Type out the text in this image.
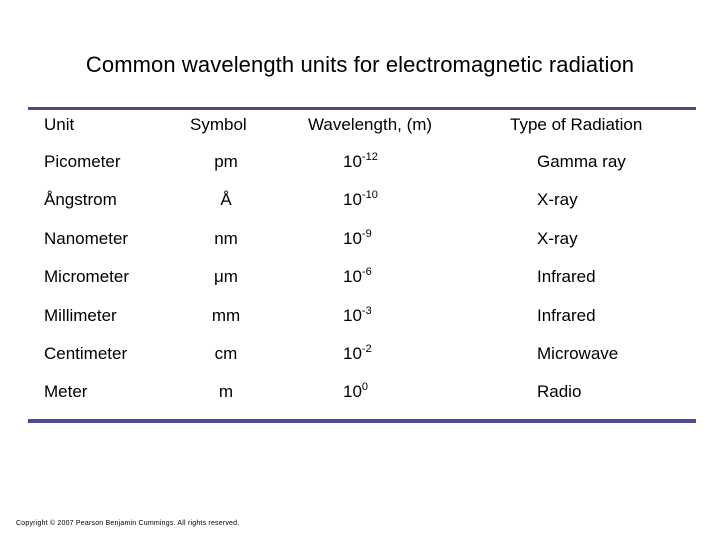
Common wavelength units for electromagnetic radiation
Unit	Symbol	Wavelength, (m)	Type of Radiation
Picometer	pm	$10^{-12}$	Gamma ray
Ångstrom	Å	$10^{-10}$	X-ray
Nanometer	nm	$10^{-9}$	X-ray
Micrometer	μm	$10^{-6}$	Infrared
Millimeter	mm	$10^{-3}$	Infrared
Centimeter	cm	$10^{-2}$	Microwave
Meter	m	$10^0$	Radio
Copyright © 2007 Pearson Benjamin Cummings. All rights reserved.
